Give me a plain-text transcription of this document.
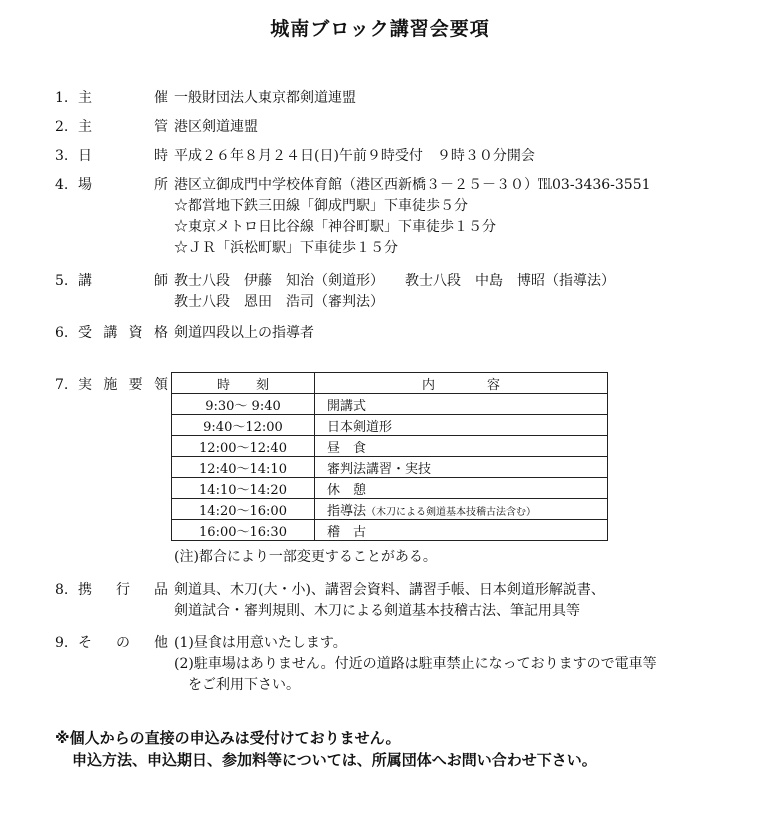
城南ブロック講習会要項
1. 主	催 一般財団法人東京都剣道連盟
2. 主	管 港区剣道連盟
3. 日	時 平成２６年８月２４日(日)午前９時受付　９時３０分開会
4. 場	所 港区立御成門中学校体育館（港区西新橋３－２５－３０）℡03‐3436‐3551
☆都営地下鉄三田線「御成門駅」下車徒歩５分
☆東京メトロ日比谷線「神谷町駅」下車徒歩１５分
☆ＪＲ「浜松町駅」下車徒歩１５分
5. 講	師 教士八段　伊藤　知治（剣道形）　　教士八段　中島　博昭（指導法）
教士八段　恩田　浩司（審判法）
6. 受 講 資 格 剣道四段以上の指導者
7. 実 施 要 領	時　　刻	内　　　　容
9:30～ 9:40	開講式
9:40～12:00	日本剣道形
12:00～12:40	昼　食
12:40～14:10	審判法講習・実技
14:10～14:20	休　憩
14:20～16:00	指導法（木刀による剣道基本技稽古法含む）
16:00～16:30	稽　古
(注)都合により一部変更することがある。
8. 携 行 品 剣道具、木刀(大・小)、講習会資料、講習手帳、日本剣道形解説書、
剣道試合・審判規則、木刀による剣道基本技稽古法、筆記用具等
9. そ の 他 (1)昼食は用意いたします。
(2)駐車場はありません。付近の道路は駐車禁止になっておりますので電車等
　をご利用下さい。
※個人からの直接の申込みは受付けておりません。
申込方法、申込期日、参加料等については、所属団体へお問い合わせ下さい。
